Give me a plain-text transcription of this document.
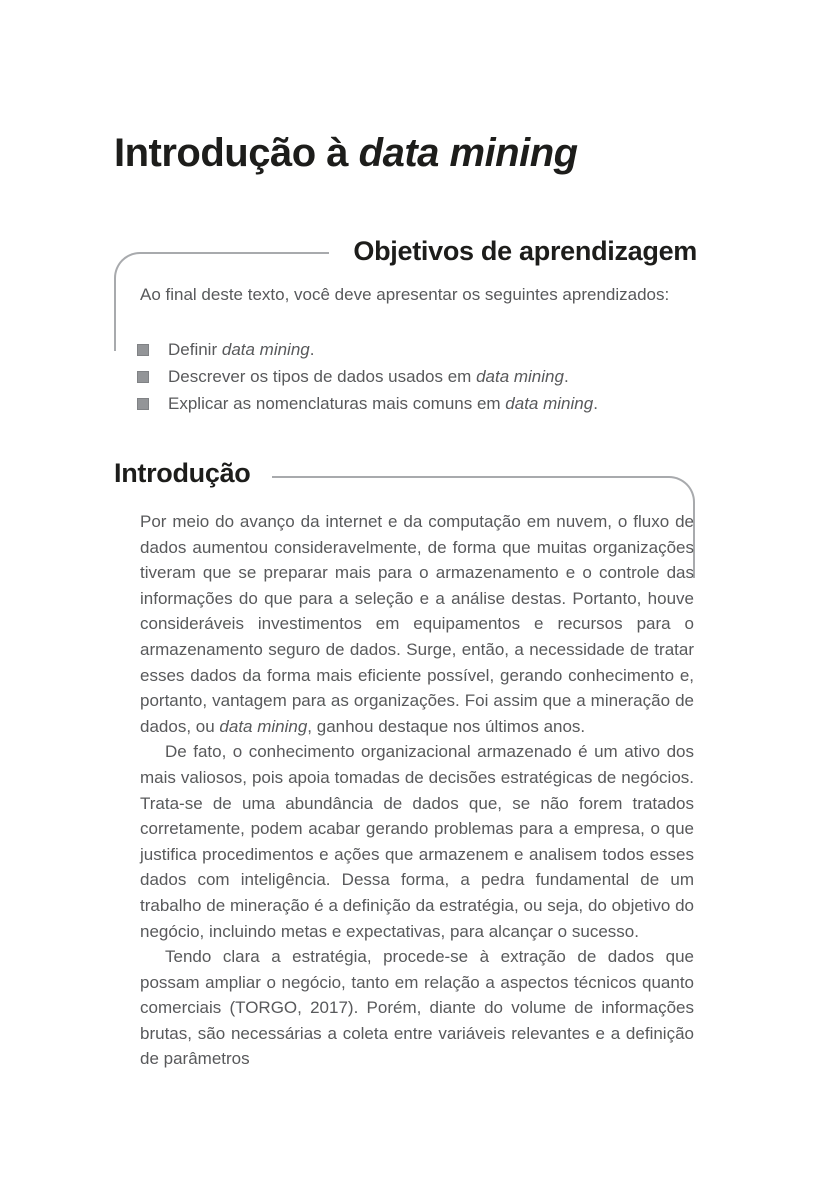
Introdução à data mining
Objetivos de aprendizagem

Ao final deste texto, você deve apresentar os seguintes aprendizados:

Definir data mining.
Descrever os tipos de dados usados em data mining.
Explicar as nomenclaturas mais comuns em data mining.
Introdução

Por meio do avanço da internet e da computação em nuvem, o fluxo de dados aumentou consideravelmente, de forma que muitas organizações tiveram que se preparar mais para o armazenamento e o controle das informações do que para a seleção e a análise destas. Portanto, houve consideráveis investimentos em equipamentos e recursos para o armazenamento seguro de dados. Surge, então, a necessidade de tratar esses dados da forma mais eficiente possível, gerando conhecimento e, portanto, vantagem para as organizações. Foi assim que a mineração de dados, ou data mining, ganhou destaque nos últimos anos.

De fato, o conhecimento organizacional armazenado é um ativo dos mais valiosos, pois apoia tomadas de decisões estratégicas de negócios. Trata-se de uma abundância de dados que, se não forem tratados corretamente, podem acabar gerando problemas para a empresa, o que justifica procedimentos e ações que armazenem e analisem todos esses dados com inteligência. Dessa forma, a pedra fundamental de um trabalho de mineração é a definição da estratégia, ou seja, do objetivo do negócio, incluindo metas e expectativas, para alcançar o sucesso.

Tendo clara a estratégia, procede-se à extração de dados que possam ampliar o negócio, tanto em relação a aspectos técnicos quanto comerciais (TORGO, 2017). Porém, diante do volume de informações brutas, são necessárias a coleta entre variáveis relevantes e a definição de parâmetros
